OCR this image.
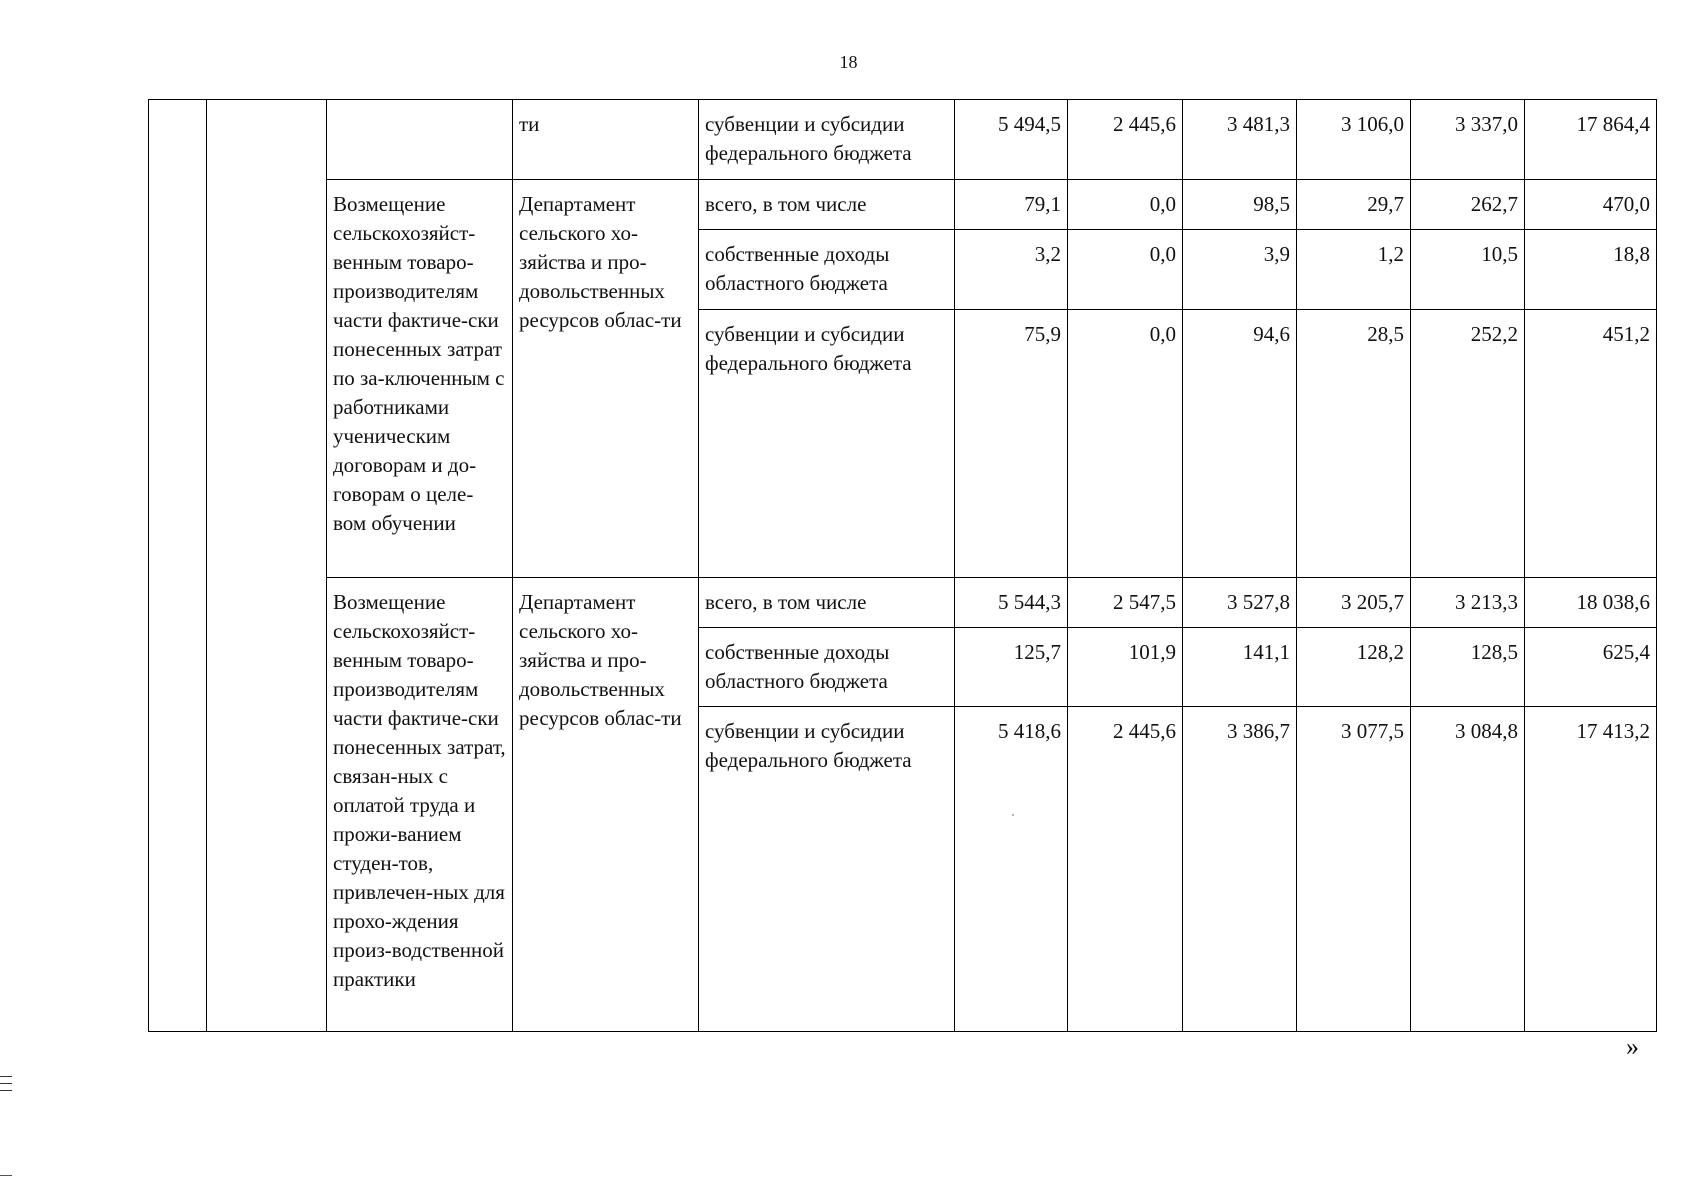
18
			ти	субвенции и субсидии федерального бюджета	5 494,5	2 445,6	3 481,3	3 106,0	3 337,0	17 864,4
		Возмещение сельскохозяйст-венным товаро-производителям части фактиче-ски понесенных затрат по за-ключенным с работниками ученическим договорам и до-говорам о целе-вом обучении	Департамент сельского хо-зяйства и про-довольственных ресурсов облас-ти	всего, в том числе	79,1	0,0	98,5	29,7	262,7	470,0
				собственные доходы областного бюджета	3,2	0,0	3,9	1,2	10,5	18,8
				субвенции и субсидии федерального бюджета	75,9	0,0	94,6	28,5	252,2	451,2
		Возмещение сельскохозяйст-венным товаро-производителям части фактиче-ски понесенных затрат, связан-ных с оплатой труда и прожи-ванием студен-тов, привлечен-ных для прохо-ждения произ-водственной практики	Департамент сельского хо-зяйства и про-довольственных ресурсов облас-ти	всего, в том числе	5 544,3	2 547,5	3 527,8	3 205,7	3 213,3	18 038,6
				собственные доходы областного бюджета	125,7	101,9	141,1	128,2	128,5	625,4
				субвенции и субсидии федерального бюджета	5 418,6	2 445,6	3 386,7	3 077,5	3 084,8	17 413,2
»
